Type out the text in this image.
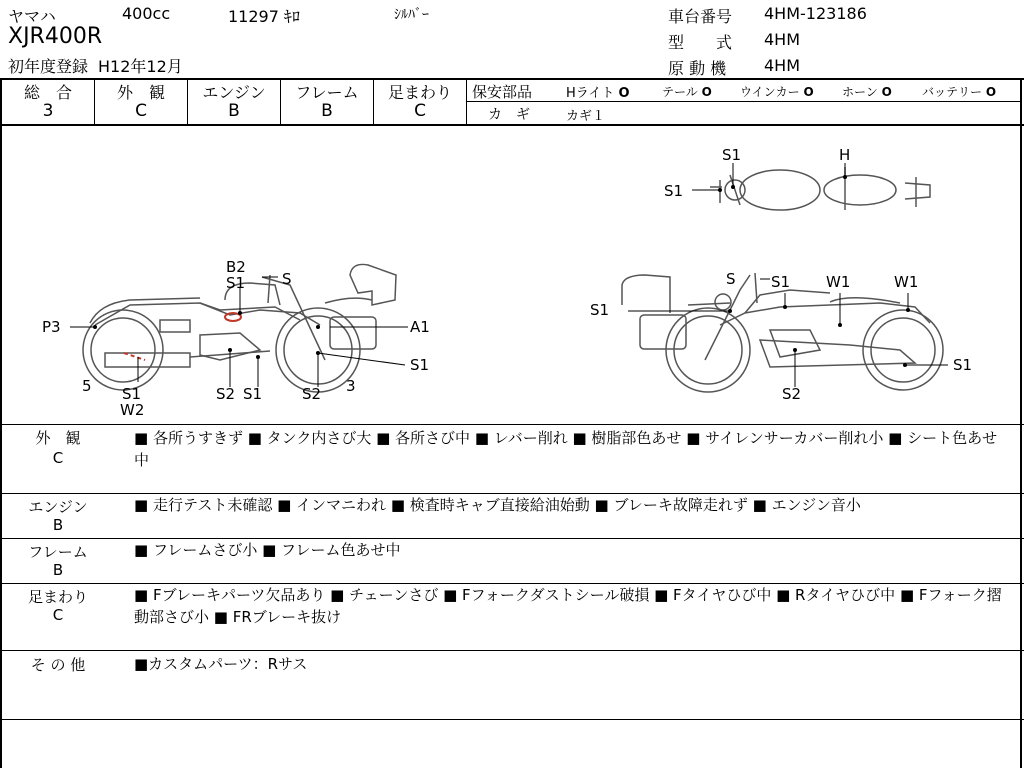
ヤマハ	400cc	11297 ｷﾛ	ｼﾙﾊﾞｰ
XJR400R
初年度登録 H12年12月
車台番号 4HM-123186
型　　式 4HM
原 動 機 4HM
総　合
3
外　観
C
エンジン
B
フレーム
B
足まわり
C
保安部品	Hライト O	テール O ウインカー O ホーン O	バッテリー O
カ　ギ	カギ１
B2
S1 S
P3	A1
S1
5 S1
W2
S2 S1	S2 3
S S1 W1	W1
S1
S1
S2
S1	H
S1
外　観
C
■ 各所うすきず ■ タンク内さび大 ■ 各所さび中 ■ レバー削れ ■ 樹脂部色あせ ■ サイレンサーカバー削れ小 ■ シート色あせ中
エンジン
B
■ 走行テスト未確認 ■ インマニわれ ■ 検査時キャブ直接給油始動 ■ ブレーキ故障走れず ■ エンジン音小
フレーム
B
■ フレームさび小 ■ フレーム色あせ中
足まわり
C
■ Fブレーキパーツ欠品あり ■ チェーンさび ■ Fフォークダストシール破損 ■ Fタイヤひび中 ■ Rタイヤひび中 ■ Fフォーク摺動部さび小 ■ FRブレーキ抜け
そ の 他	■カスタムパーツ：Rサス
